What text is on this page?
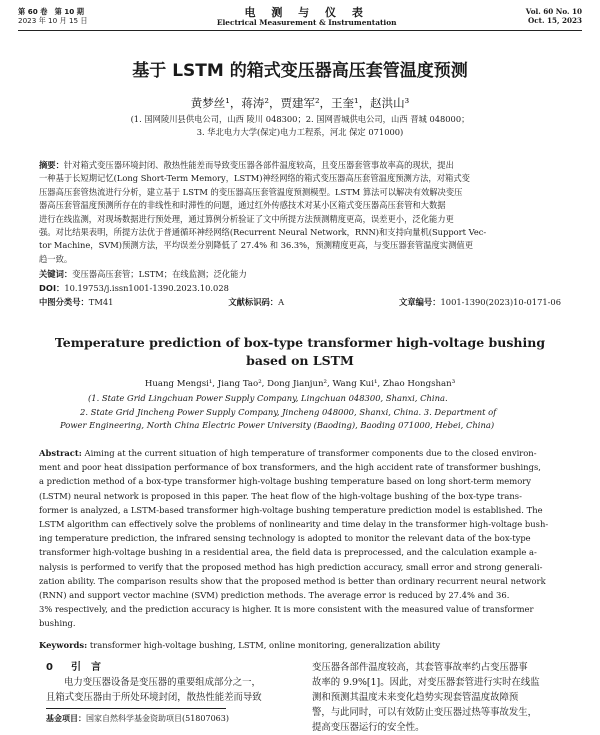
第 60 卷　第 10 期
2023 年 10 月 15 日
电 测 与 仪 表
Electrical Measurement & Instrumentation
Vol. 60 No. 10
Oct. 15, 2023
基于 LSTM 的箱式变压器高压套管温度预测
黄梦丝¹，蒋涛²，贾建军²，王奎¹，赵洪山³
(1. 国网陵川县供电公司，山西 陵川 048300；2. 国网晋城供电公司，山西 晋城 048000；
3. 华北电力大学(保定)电力工程系，河北 保定 071000)
摘要：针对箱式变压器环境封闭、散热性能差而导致变压器各部件温度较高，且变压器套管事故率高的现状，提出
一种基于长短期记忆(Long Short-Term Memory，LSTM)神经网络的箱式变压器高压套管温度预测方法，对箱式变
压器高压套管热流进行分析，建立基于 LSTM 的变压器高压套管温度预测模型。LSTM 算法可以解决有效解决变压
器高压套管温度预测所存在的非线性和时滞性的问题，通过红外传感技术对某小区箱式变压器高压套管和大数据
进行在线监测，对现场数据进行预处理，通过算例分析验证了文中所提方法预测精度更高，误差更小，泛化能力更
强。对比结果表明，所提方法优于普通循环神经网络(Recurrent Neural Network，RNN)和支持向量机(Support Vec-
tor Machine，SVM)预测方法，平均误差分别降低了 27.4% 和 36.3%，预测精度更高，与变压器套管温度实测值更
趋一致。
关键词：变压器高压套管；LSTM；在线监测；泛化能力
DOI：10.19753/j.issn1001-1390.2023.10.028
中图分类号：TM41	文献标识码：A	文章编号：1001-1390(2023)10-0171-06
Temperature prediction of box-type transformer high-voltage bushing
based on LSTM
Huang Mengsi¹, Jiang Tao², Dong Jianjun², Wang Kui¹, Zhao Hongshan³
(1. State Grid Lingchuan Power Supply Company, Lingchuan 048300, Shanxi, China.
2. State Grid Jincheng Power Supply Company, Jincheng 048000, Shanxi, China. 3. Department of
Power Engineering, North China Electric Power University (Baoding), Baoding 071000, Hebei, China)
Abstract: Aiming at the current situation of high temperature of transformer components due to the closed environ-
ment and poor heat dissipation performance of box transformers, and the high accident rate of transformer bushings,
a prediction method of a box-type transformer high-voltage bushing temperature based on long short-term memory
(LSTM) neural network is proposed in this paper. The heat flow of the high-voltage bushing of the box-type trans-
former is analyzed, a LSTM-based transformer high-voltage bushing temperature prediction model is established. The
LSTM algorithm can effectively solve the problems of nonlinearity and time delay in the transformer high-voltage bush-
ing temperature prediction, the infrared sensing technology is adopted to monitor the relevant data of the box-type
transformer high-voltage bushing in a residential area, the field data is preprocessed, and the calculation example a-
nalysis is performed to verify that the proposed method has high prediction accuracy, small error and strong generali-
zation ability. The comparison results show that the proposed method is better than ordinary recurrent neural network
(RNN) and support vector machine (SVM) prediction methods. The average error is reduced by 27.4% and 36.
3% respectively, and the prediction accuracy is higher. It is more consistent with the measured value of transformer
bushing.
Keywords: transformer high-voltage bushing, LSTM, online monitoring, generalization ability
0 引　言
电力变压器设备是变压器的重要组成部分之一，
且箱式变压器由于所处环境封闭，散热性能差而导致
变压器各部件温度较高，其套管事故率约占变压器事
故率的 9.9%[1]。因此，对变压器套管进行实时在线监
测和预测其温度未来变化趋势实现套管温度故障预
警，与此同时，可以有效防止变压器过热等事故发生，
提高变压器运行的安全性。
基金项目：国家自然科学基金资助项目(51807063)
